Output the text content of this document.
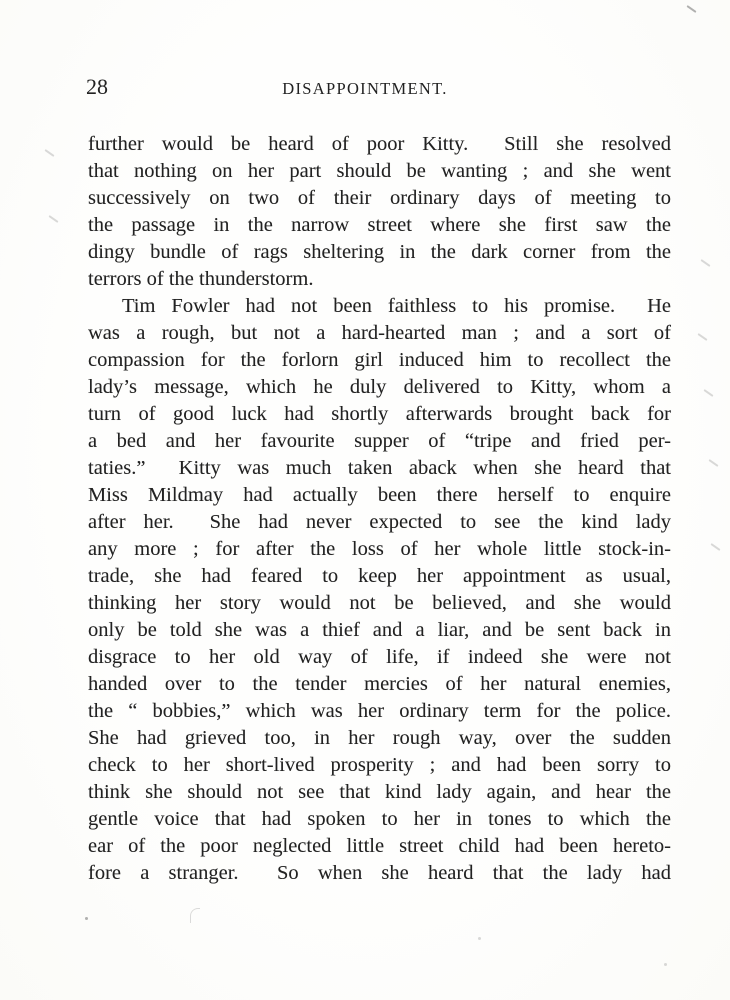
28	DISAPPOINTMENT.
further would be heard of poor Kitty.  Still she resolved
that nothing on her part should be wanting ; and she went
successively on two of their ordinary days of meeting to
the passage in the narrow street where she first saw the
dingy bundle of rags sheltering in the dark corner from the
terrors of the thunderstorm.
Tim Fowler had not been faithless to his promise.  He
was a rough, but not a hard-hearted man ; and a sort of
compassion for the forlorn girl induced him to recollect the
lady’s message, which he duly delivered to Kitty, whom a
turn of good luck had shortly afterwards brought back for
a bed and her favourite supper of “tripe and fried per-
taties.”  Kitty was much taken aback when she heard that
Miss Mildmay had actually been there herself to enquire
after her.  She had never expected to see the kind lady
any more ; for after the loss of her whole little stock-in-
trade, she had feared to keep her appointment as usual,
thinking her story would not be believed, and she would
only be told she was a thief and a liar, and be sent back in
disgrace to her old way of life, if indeed she were not
handed over to the tender mercies of her natural enemies,
the “ bobbies,” which was her ordinary term for the police.
She had grieved too, in her rough way, over the sudden
check to her short-lived prosperity ; and had been sorry to
think she should not see that kind lady again, and hear the
gentle voice that had spoken to her in tones to which the
ear of the poor neglected little street child had been hereto-
fore a stranger.  So when she heard that the lady had
